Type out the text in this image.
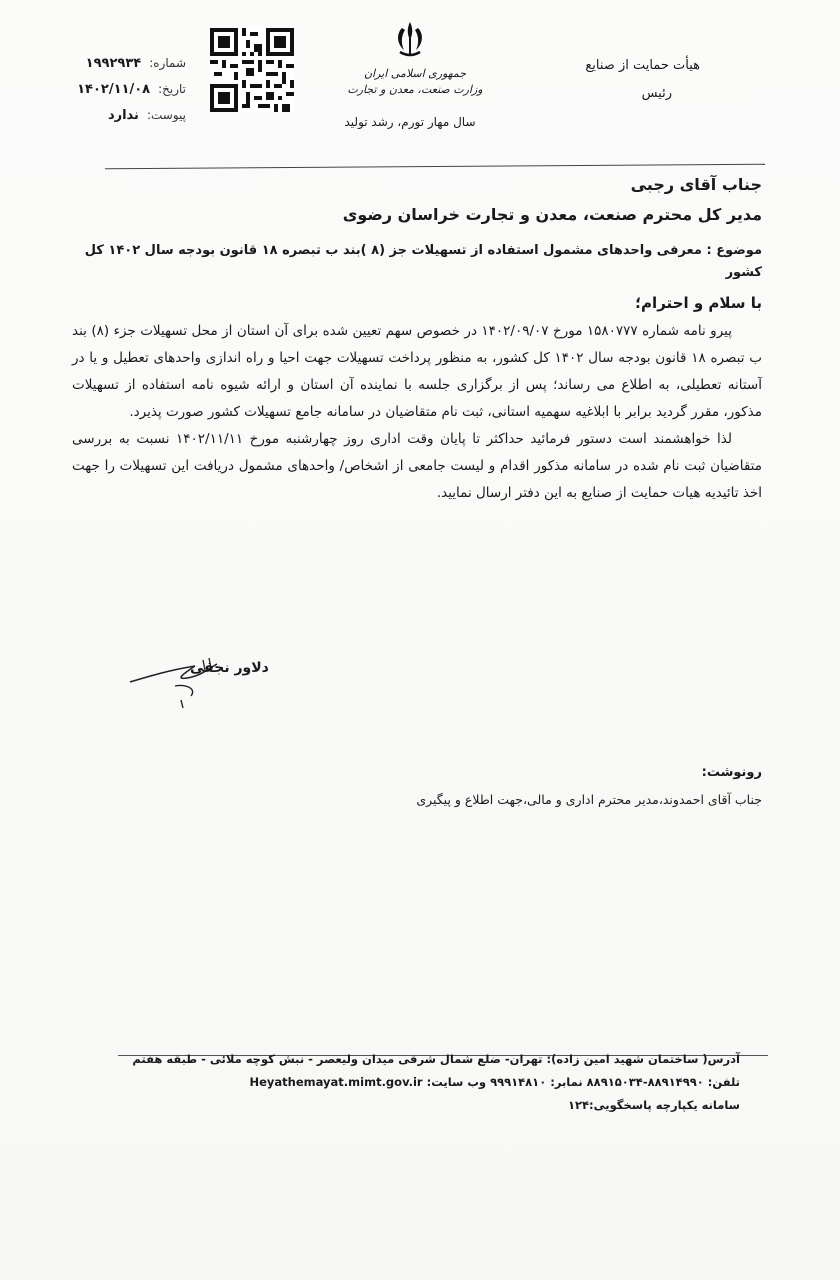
هیأت حمایت از صنایع
رئیس
جمهوری اسلامی ایران
وزارت صنعت، معدن و تجارت
سال مهار تورم، رشد تولید
شماره:
۱۹۹۲۹۳۴
تاریخ:
۱۴۰۲/۱۱/۰۸
پیوست:
ندارد
جناب آقای رجبی
مدیر کل محترم صنعت، معدن و تجارت خراسان رضوی
موضوع : معرفی واحدهای مشمول استفاده از تسهیلات جز (۸ )بند ب تبصره ۱۸ قانون بودجه سال ۱۴۰۲ کل کشور
با سلام و احترام؛

پیرو نامه شماره ۱۵۸۰۷۷۷ مورخ ۱۴۰۲/۰۹/۰۷ در خصوص سهم تعیین شده برای آن استان از محل تسهیلات جزء (۸) بند ب تبصره ۱۸ قانون بودجه سال ۱۴۰۲ کل کشور، به منظور پرداخت تسهیلات جهت احیا و راه اندازی واحدهای تعطیل و یا در آستانه تعطیلی، به اطلاع می رساند؛ پس از برگزاری جلسه با نماینده آن استان و ارائه شیوه نامه استفاده از تسهیلات مذکور، مقرر گردید برابر با ابلاغیه سهمیه استانی، ثبت نام متقاضیان در سامانه جامع تسهیلات کشور صورت پذیرد.

لذا خواهشمند است دستور فرمائید حداکثر تا پایان وقت اداری روز چهارشنبه مورخ ۱۴۰۲/۱۱/۱۱ نسبت به بررسی متقاضیان ثبت نام شده در سامانه مذکور اقدام و لیست جامعی از اشخاص/ واحدهای مشمول دریافت این تسهیلات را جهت اخذ تائیدیه هیات حمایت از صنایع به این دفتر ارسال نمایید.

دلاور نجفی
رونوشت:
جناب آقای احمدوند،مدیر محترم اداری و مالی،جهت اطلاع و پیگیری
آدرس( ساختمان شهید امین زاده): تهران- ضلع شمال شرقی میدان ولیعصر - نبش کوچه ملائی - طبقه هفتم
تلفن: ۸۸۹۱۴۹۹۰-۸۸۹۱۵۰۳۴ نمابر: ۹۹۹۱۴۸۱۰ وب سایت: Heyathemayat.mimt.gov.ir
سامانه یکپارچه پاسخگویی:۱۲۴
